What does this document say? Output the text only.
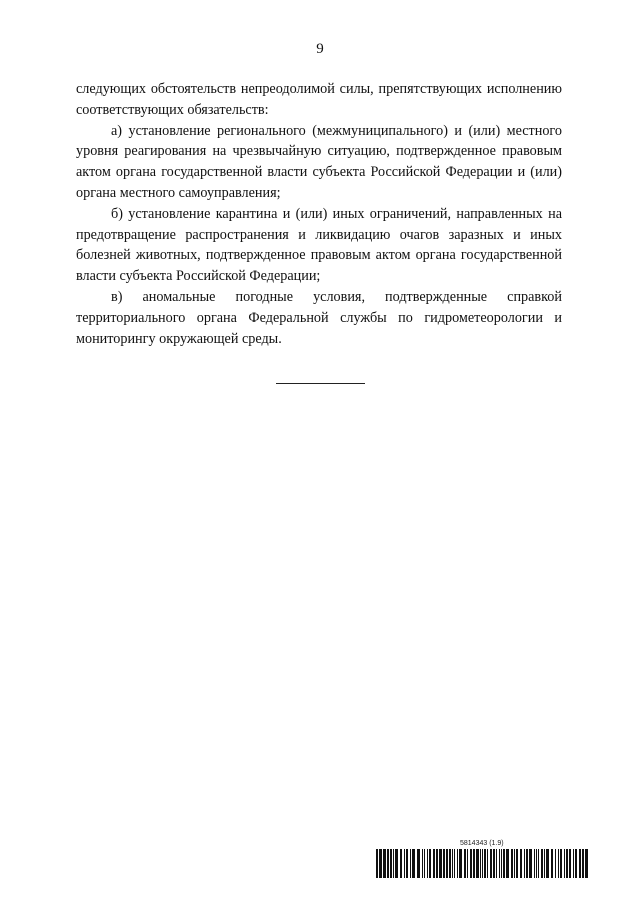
9

следующих обстоятельств непреодолимой силы, препятствующих исполнению соответствующих обязательств:

а) установление регионального (межмуниципального) и (или) местного уровня реагирования на чрезвычайную ситуацию, подтвержденное правовым актом органа государственной власти субъекта Российской Федерации и (или) органа местного самоуправления;

б) установление карантина и (или) иных ограничений, направленных на предотвращение распространения и ликвидацию очагов заразных и иных болезней животных, подтвержденное правовым актом органа государственной власти субъекта Российской Федерации;

в) аномальные погодные условия, подтвержденные справкой территориального органа Федеральной службы по гидрометеорологии и мониторингу окружающей среды.

5814343 (1.9)
